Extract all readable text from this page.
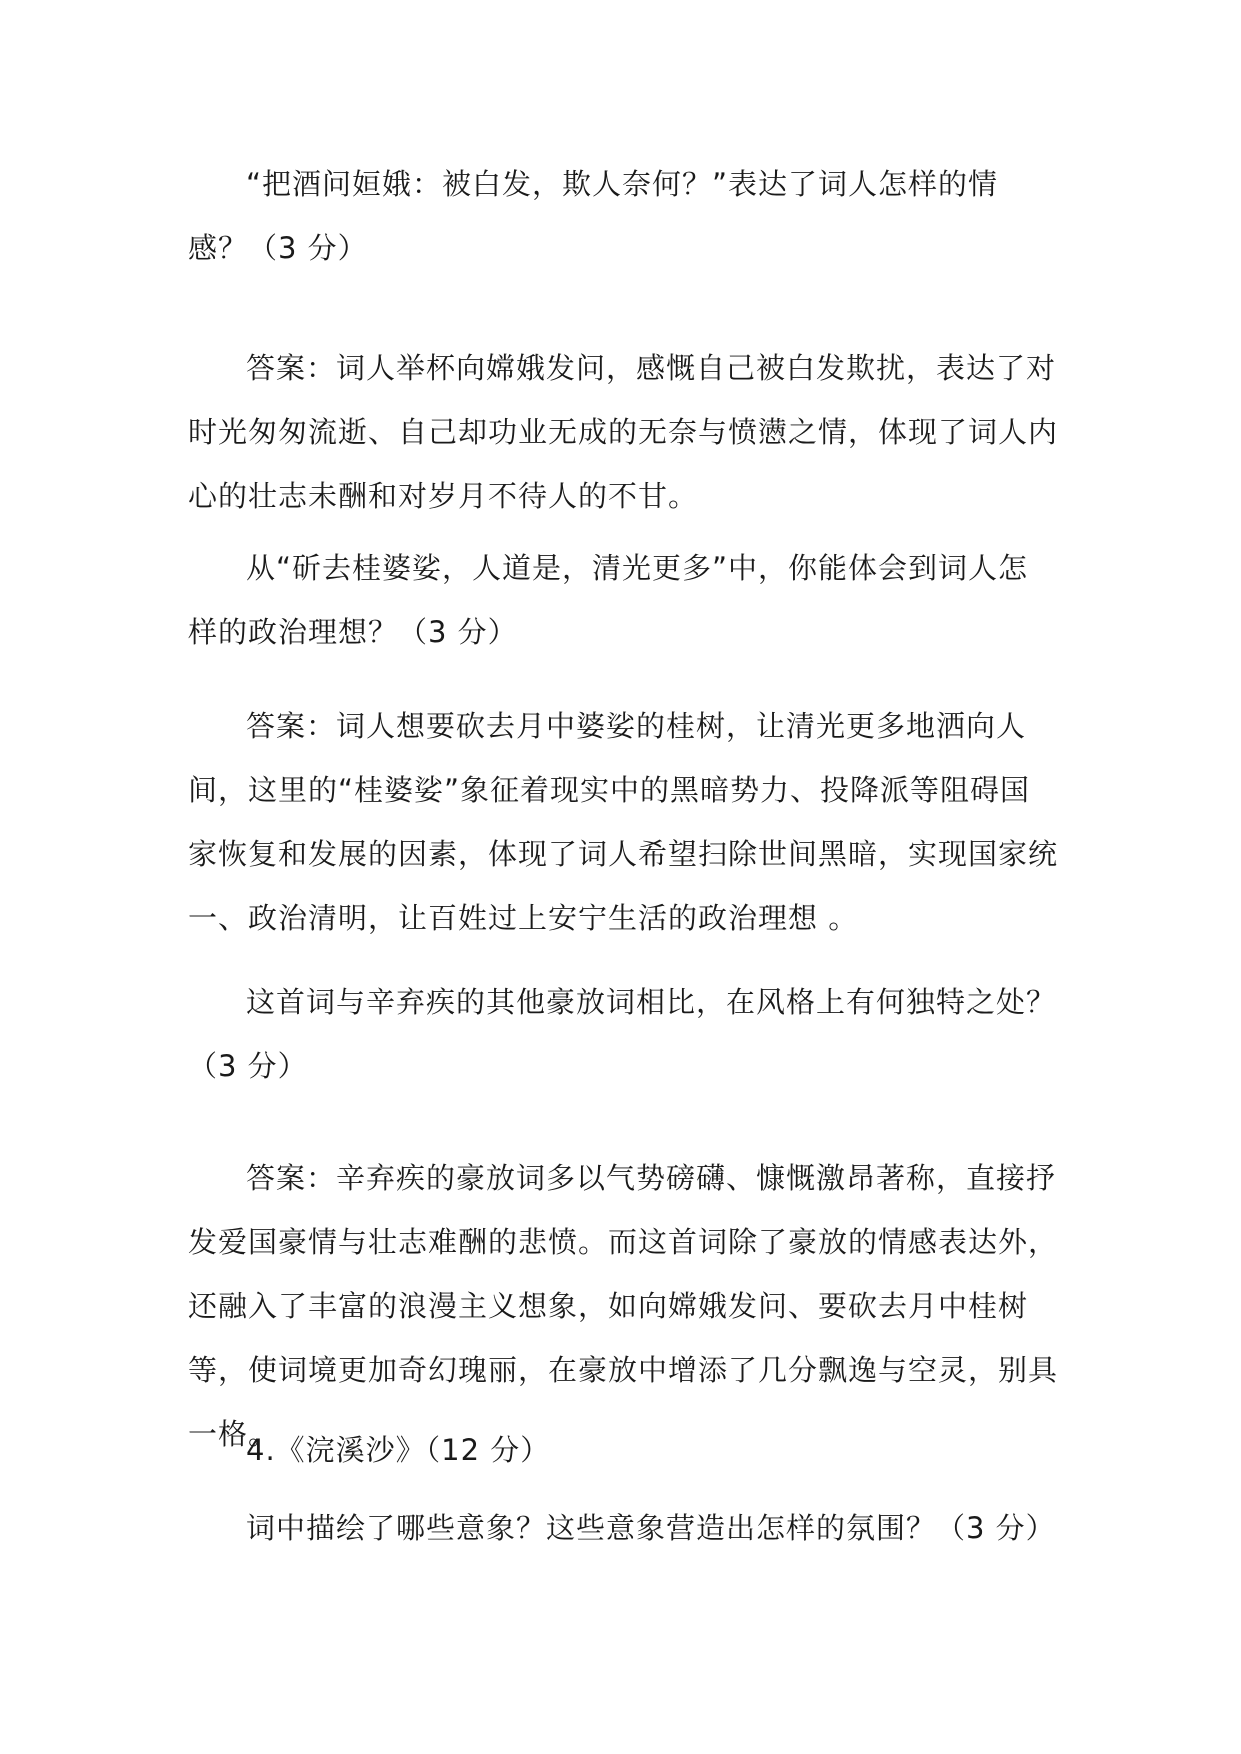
“把酒问姮娥：被白发，欺人奈何？”表达了词人怎样的情感？（3 分）

答案：词人举杯向嫦娥发问，感慨自己被白发欺扰，表达了对时光匆匆流逝、自己却功业无成的无奈与愤懑之情，体现了词人内心的壮志未酬和对岁月不待人的不甘。

从“斫去桂婆娑，人道是，清光更多”中，你能体会到词人怎样的政治理想？（3 分）

答案：词人想要砍去月中婆娑的桂树，让清光更多地洒向人间，这里的“桂婆娑”象征着现实中的黑暗势力、投降派等阻碍国家恢复和发展的因素，体现了词人希望扫除世间黑暗，实现国家统一、政治清明，让百姓过上安宁生活的政治理想 。

这首词与辛弃疾的其他豪放词相比，在风格上有何独特之处？（3 分）

答案：辛弃疾的豪放词多以气势磅礴、慷慨激昂著称，直接抒发爱国豪情与壮志难酬的悲愤。而这首词除了豪放的情感表达外，还融入了丰富的浪漫主义想象，如向嫦娥发问、要砍去月中桂树等，使词境更加奇幻瑰丽，在豪放中增添了几分飘逸与空灵，别具一格。

4.《浣溪沙》（12 分）

词中描绘了哪些意象？这些意象营造出怎样的氛围？（3 分）
